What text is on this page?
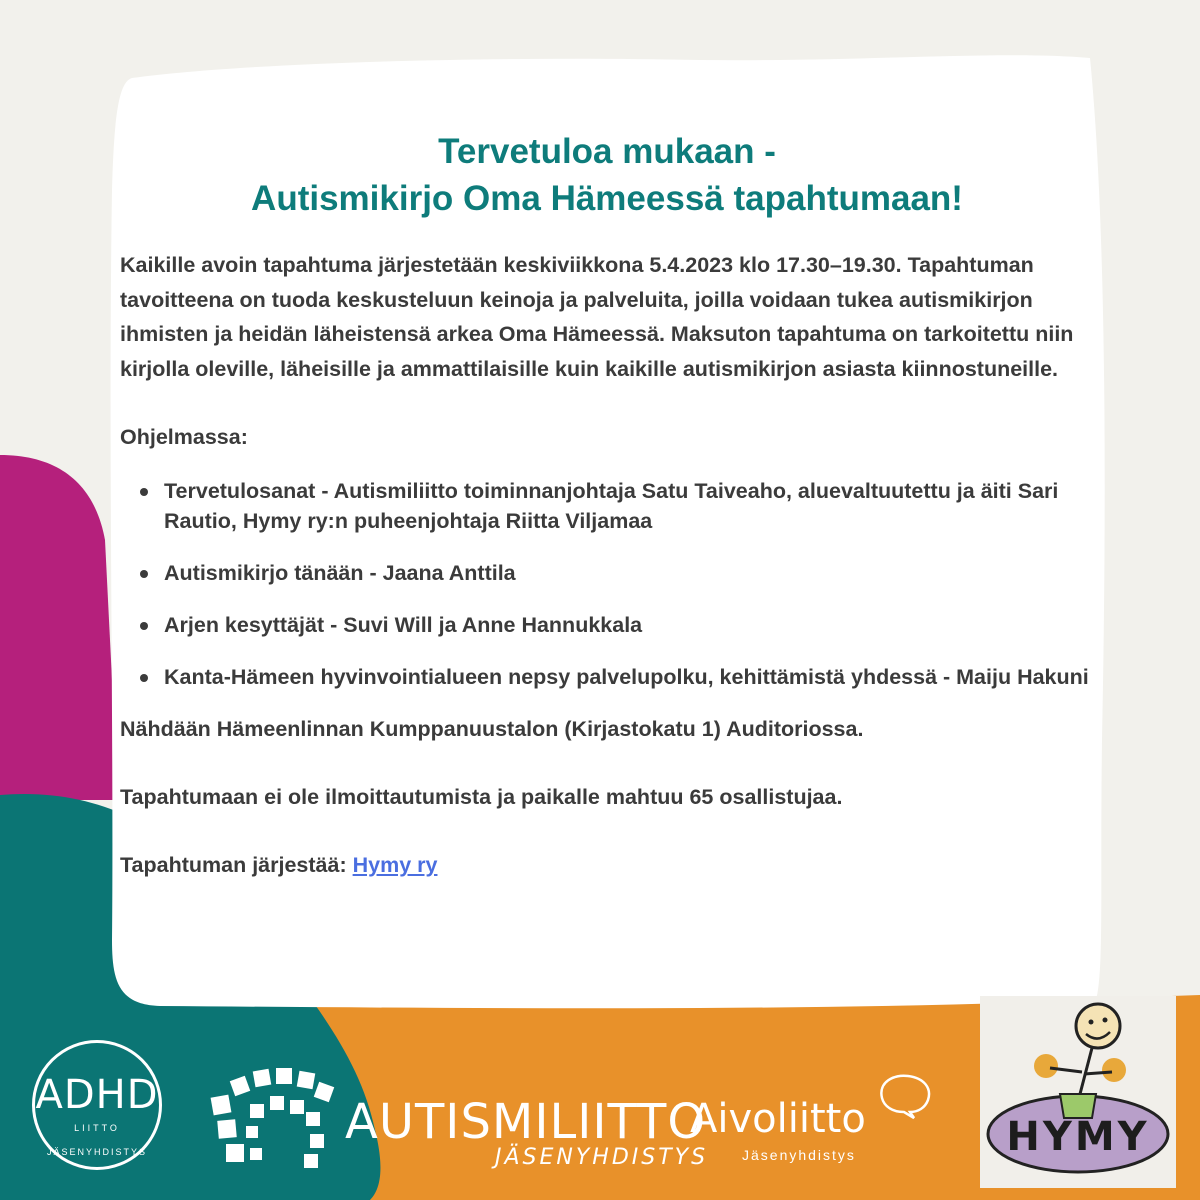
Tervetuloa mukaan -
Autismikirjo Oma Hämeessä tapahtumaan!

Kaikille avoin tapahtuma järjestetään keskiviikkona 5.4.2023 klo 17.30–19.30. Tapahtuman tavoitteena on tuoda keskusteluun keinoja ja palveluita, joilla voidaan tukea autismikirjon ihmisten ja heidän läheistensä arkea Oma Hämeessä. Maksuton tapahtuma on tarkoitettu niin kirjolla oleville, läheisille ja ammattilaisille kuin kaikille autismikirjon asiasta kiinnostuneille.

Ohjelmassa:
Tervetulosanat - Autismiliitto toiminnanjohtaja Satu Taiveaho, aluevaltuutettu ja äiti Sari Rautio, Hymy ry:n puheenjohtaja Riitta Viljamaa
Autismikirjo tänään - Jaana Anttila
Arjen kesyttäjät - Suvi Will ja Anne Hannukkala
Kanta-Hämeen hyvinvointialueen nepsy palvelupolku, kehittämistä yhdessä - Maiju Hakuni
Nähdään Hämeenlinnan Kumppanuustalon (Kirjastokatu 1) Auditoriossa.
Tapahtumaan ei ole ilmoittautumista ja paikalle mahtuu 65 osallistujaa.
Tapahtuman järjestää: Hymy ry
ADHD
LIITTO
JÄSENYHDISTYS
AUTISMILIITTO
JÄSENYHDISTYS
Aivoliitto
Jäsenyhdistys	HYMY
